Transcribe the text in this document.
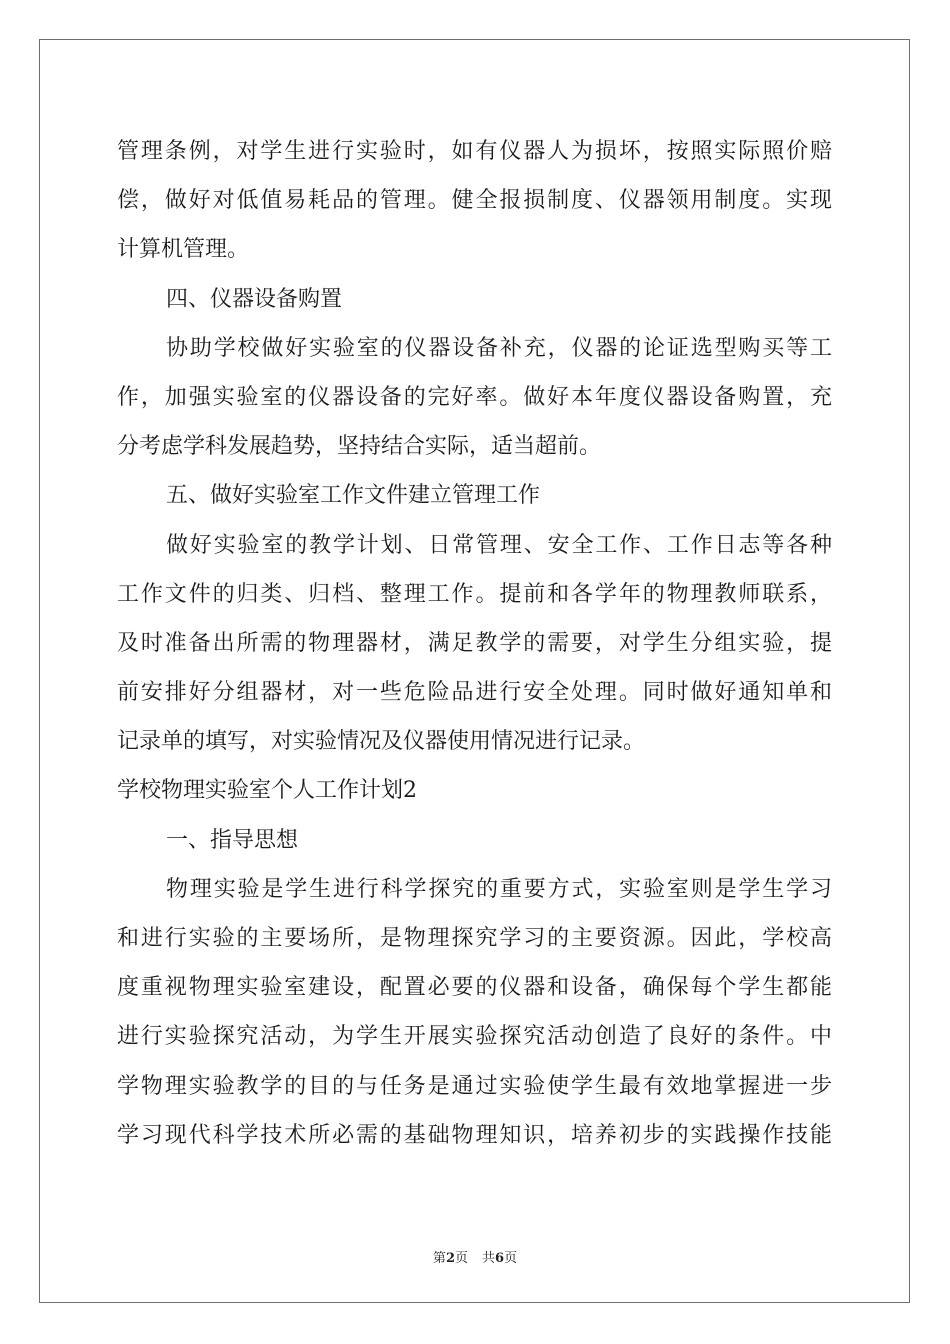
管理条例，对学生进行实验时，如有仪器人为损坏，按照实际照价赔
偿，做好对低值易耗品的管理。健全报损制度、仪器领用制度。实现
计算机管理。
四、仪器设备购置
协助学校做好实验室的仪器设备补充，仪器的论证选型购买等工
作，加强实验室的仪器设备的完好率。做好本年度仪器设备购置，充
分考虑学科发展趋势，坚持结合实际，适当超前。
五、做好实验室工作文件建立管理工作
做好实验室的教学计划、日常管理、安全工作、工作日志等各种
工作文件的归类、归档、整理工作。提前和各学年的物理教师联系，
及时准备出所需的物理器材，满足教学的需要，对学生分组实验，提
前安排好分组器材，对一些危险品进行安全处理。同时做好通知单和
记录单的填写，对实验情况及仪器使用情况进行记录。
学校物理实验室个人工作计划2
一、指导思想
物理实验是学生进行科学探究的重要方式，实验室则是学生学习
和进行实验的主要场所，是物理探究学习的主要资源。因此，学校高
度重视物理实验室建设，配置必要的仪器和设备，确保每个学生都能
进行实验探究活动，为学生开展实验探究活动创造了良好的条件。中
学物理实验教学的目的与任务是通过实验使学生最有效地掌握进一步
学习现代科学技术所必需的基础物理知识，培养初步的实践操作技能
第2页 共6页
